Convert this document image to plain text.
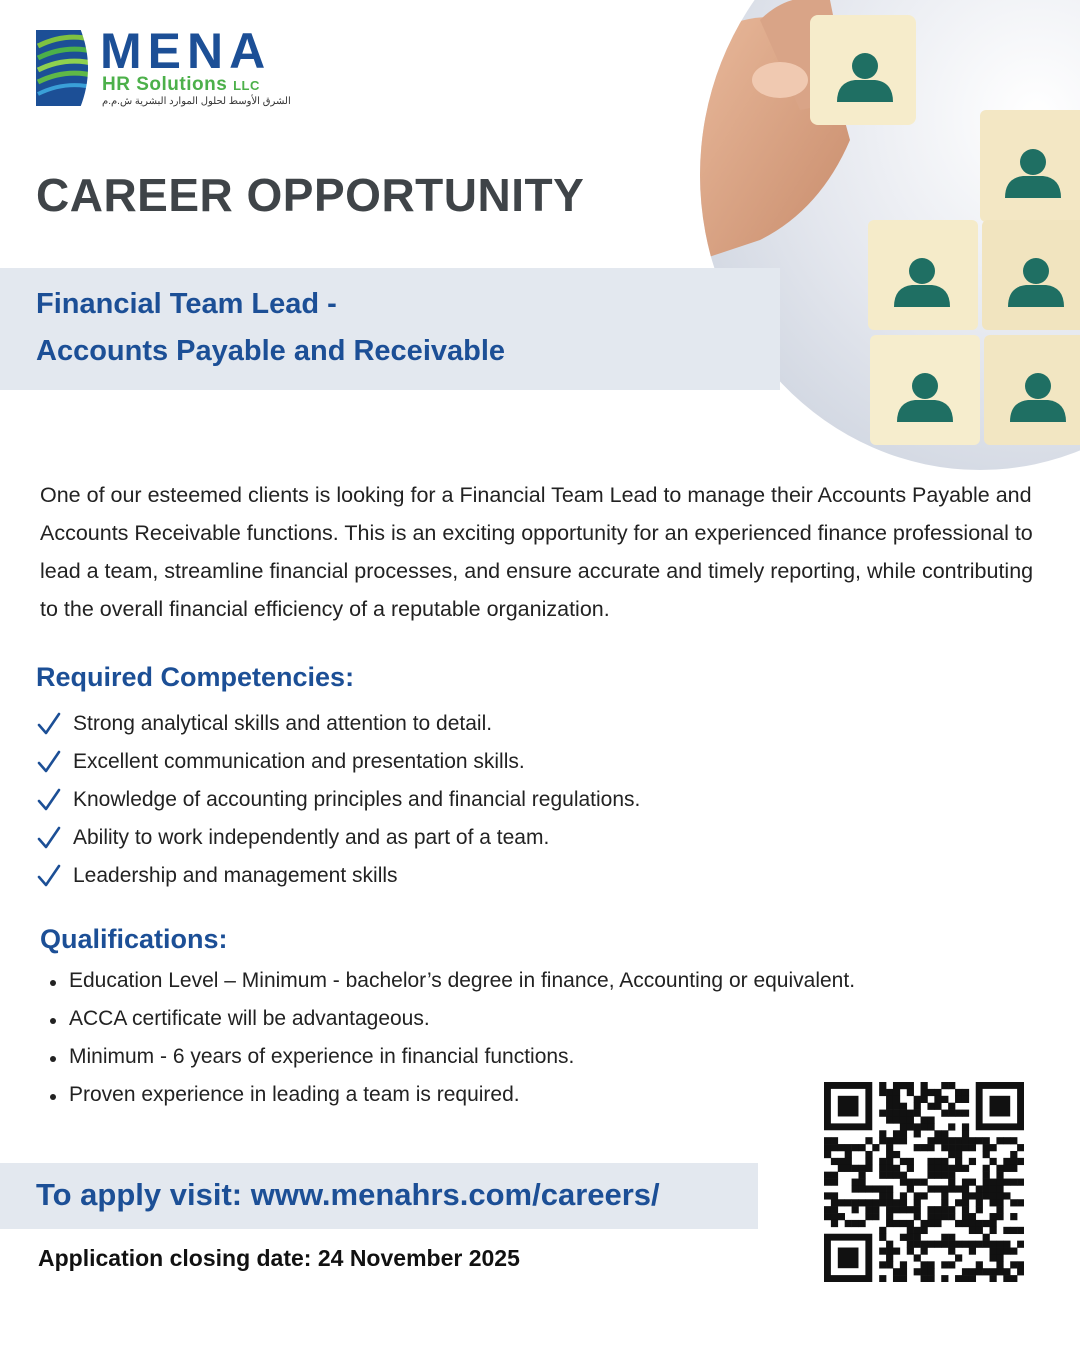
MENA
HR Solutions LLC
الشرق الأوسط لحلول الموارد البشرية ش.م.م
CAREER OPPORTUNITY
Financial Team Lead -
Accounts Payable and Receivable
One of our esteemed clients is looking for a Financial Team Lead to manage their Accounts Payable and Accounts Receivable functions. This is an exciting opportunity for an experienced finance professional to lead a team, streamline financial processes, and ensure accurate and timely reporting, while contributing to the overall financial efficiency of a reputable organization.
Required Competencies:
Strong analytical skills and attention to detail.
Excellent communication and presentation skills.
Knowledge of accounting principles and financial regulations.
Ability to work independently and as part of a team.
Leadership and management skills
Qualifications:
Education Level – Minimum - bachelor’s degree in finance, Accounting or equivalent.
ACCA certificate will be advantageous.
Minimum - 6 years of experience in financial functions.
Proven experience in leading a team is required.
To apply visit: www.menahrs.com/careers/
Application closing date: 24 November 2025
